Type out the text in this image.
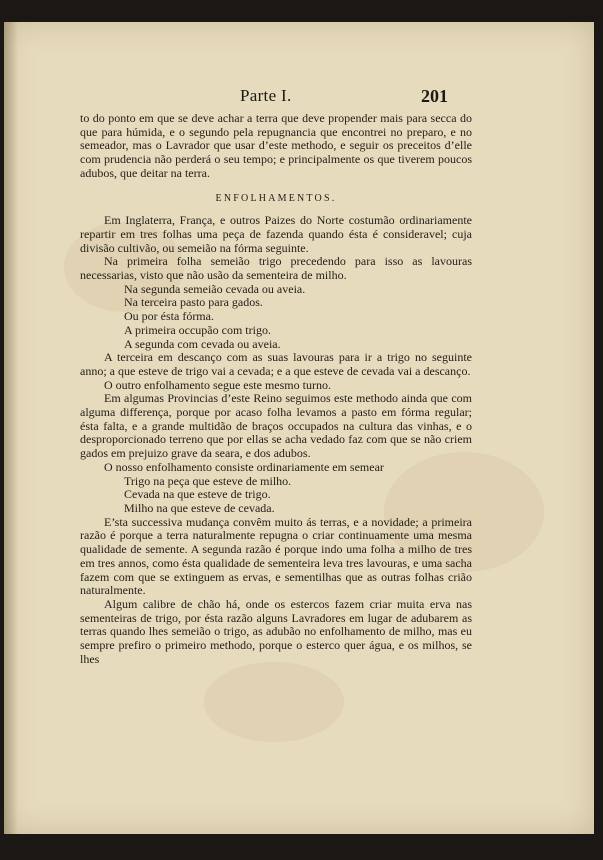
Parte I.	201

to do ponto em que se deve achar a terra que deve propender mais para secca do que para húmida, e o segundo pela repugnancia que encontrei no preparo, e no semeador, mas o Lavrador que usar d’este methodo, e seguir os preceitos d’elle com prudencia não perderá o seu tempo; e principalmente os que tiverem poucos adubos, que deitar na terra.

ENFOLHAMENTOS.

Em Inglaterra, França, e outros Paizes do Norte costumão ordinariamente repartir em tres folhas uma peça de fazenda quando ésta é consideravel; cuja divisão cultivão, ou semeião na fórma seguinte.

Na primeira folha semeião trigo precedendo para isso as lavouras necessarias, visto que não usão da sementeira de milho.

Na segunda semeião cevada ou aveia.

Na terceira pasto para gados.

Ou por ésta fórma.

A primeira occupão com trigo.

A segunda com cevada ou aveia.

A terceira em descanço com as suas lavouras para ir a trigo no seguinte anno; a que esteve de trigo vai a cevada; e a que esteve de cevada vai a descanço.

O outro enfolhamento segue este mesmo turno.

Em algumas Provincias d’este Reino seguimos este methodo ainda que com alguma differença, porque por acaso folha levamos a pasto em fórma regular; ésta falta, e a grande multidão de braços occupados na cultura das vinhas, e o desproporcionado terreno que por ellas se acha vedado faz com que se não criem gados em prejuizo grave da seara, e dos adubos.

O nosso enfolhamento consiste ordinariamente em semear

Trigo na peça que esteve de milho.

Cevada na que esteve de trigo.

Milho na que esteve de cevada.

E’sta successiva mudança convêm muito ás terras, e a novidade; a primeira razão é porque a terra naturalmente repugna o criar continuamente uma mesma qualidade de semente. A segunda razão é porque indo uma folha a milho de tres em tres annos, como ésta qualidade de sementeira leva tres lavouras, e uma sacha fazem com que se extinguem as ervas, e sementilhas que as outras folhas crião naturalmente.

Algum calibre de chão há, onde os estercos fazem criar muita erva nas sementeiras de trigo, por ésta razão alguns Lavradores em lugar de adubarem as terras quando lhes semeião o trigo, as adubão no enfolhamento de milho, mas eu sempre prefiro o primeiro methodo, porque o esterco quer água, e os milhos, se lhes
